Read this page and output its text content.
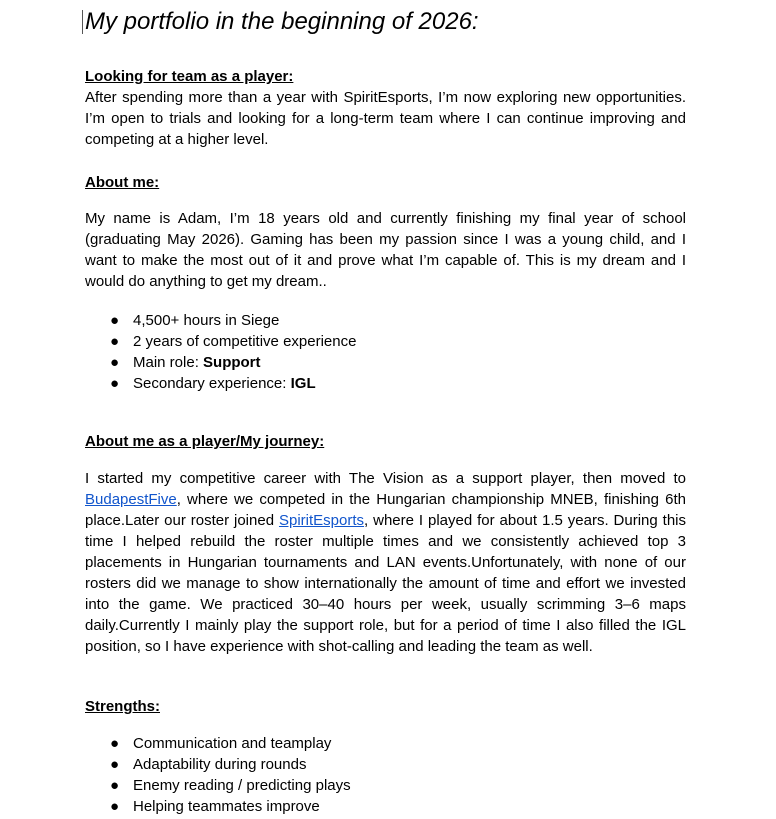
My portfolio in the beginning of 2026:
Looking for team as a player:

After spending more than a year with SpiritEsports, I’m now exploring new opportunities. I’m open to trials and looking for a long-term team where I can continue improving and competing at a higher level.

About me:

My name is Adam, I’m 18 years old and currently finishing my final year of school (graduating May 2026). Gaming has been my passion since I was a young child, and I want to make the most out of it and prove what I’m capable of. This is my dream and I would do anything to get my dream..

● 4,500+ hours in Siege
● 2 years of competitive experience
● Main role: Support
● Secondary experience: IGL
About me as a player/My journey:

I started my competitive career with The Vision as a support player, then moved to BudapestFive, where we competed in the Hungarian championship MNEB, finishing 6th place.Later our roster joined SpiritEsports, where I played for about 1.5 years. During this time I helped rebuild the roster multiple times and we consistently achieved top 3 placements in Hungarian tournaments and LAN events.Unfortunately, with none of our rosters did we manage to show internationally the amount of time and effort we invested into the game. We practiced 30–40 hours per week, usually scrimming 3–6 maps daily.Currently I mainly play the support role, but for a period of time I also filled the IGL position, so I have experience with shot-calling and leading the team as well.

Strengths:
● Communication and teamplay
● Adaptability during rounds
● Enemy reading / predicting plays
● Helping teammates improve
